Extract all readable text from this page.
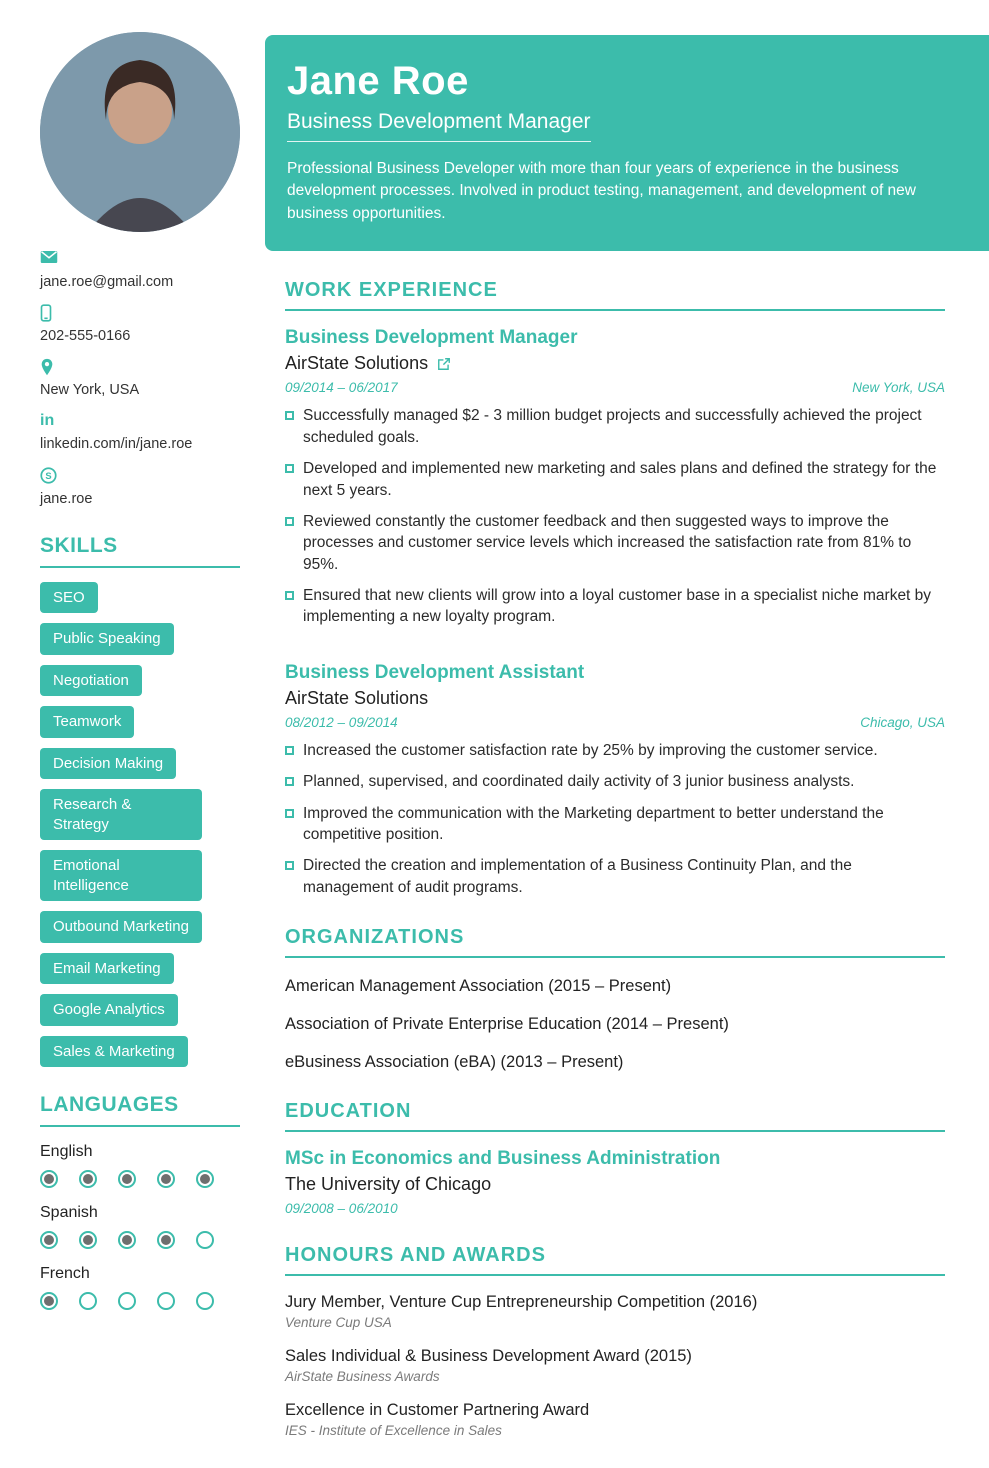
jane.roe@gmail.com
202-555-0166
New York, USA
in
linkedin.com/in/jane.roe
S
jane.roe
SKILLS
SEO
Public Speaking
Negotiation
Teamwork
Decision Making
Research & Strategy
Emotional Intelligence
Outbound Marketing
Email Marketing
Google Analytics
Sales & Marketing
LANGUAGES
English
Spanish
French
Jane Roe
Business Development Manager

Professional Business Developer with more than four years of experience in the business development processes. Involved in product testing, management, and development of new business opportunities.

WORK EXPERIENCE
Business Development Manager
AirState Solutions
09/2014 – 06/2017	New York, USA
Successfully managed $2 - 3 million budget projects and successfully achieved the project scheduled goals.
Developed and implemented new marketing and sales plans and defined the strategy for the next 5 years.
Reviewed constantly the customer feedback and then suggested ways to improve the processes and customer service levels which increased the satisfaction rate from 81% to 95%.
Ensured that new clients will grow into a loyal customer base in a specialist niche market by implementing a new loyalty program.
Business Development Assistant
AirState Solutions
08/2012 – 09/2014	Chicago, USA
Increased the customer satisfaction rate by 25% by improving the customer service.
Planned, supervised, and coordinated daily activity of 3 junior business analysts.
Improved the communication with the Marketing department to better understand the competitive position.
Directed the creation and implementation of a Business Continuity Plan, and the management of audit programs.
ORGANIZATIONS
American Management Association (2015 – Present)
Association of Private Enterprise Education (2014 – Present)
eBusiness Association (eBA) (2013 – Present)
EDUCATION
MSc in Economics and Business Administration
The University of Chicago
09/2008 – 06/2010
HONOURS AND AWARDS
Jury Member, Venture Cup Entrepreneurship Competition (2016)
Venture Cup USA
Sales Individual & Business Development Award (2015)
AirState Business Awards
Excellence in Customer Partnering Award
IES - Institute of Excellence in Sales
